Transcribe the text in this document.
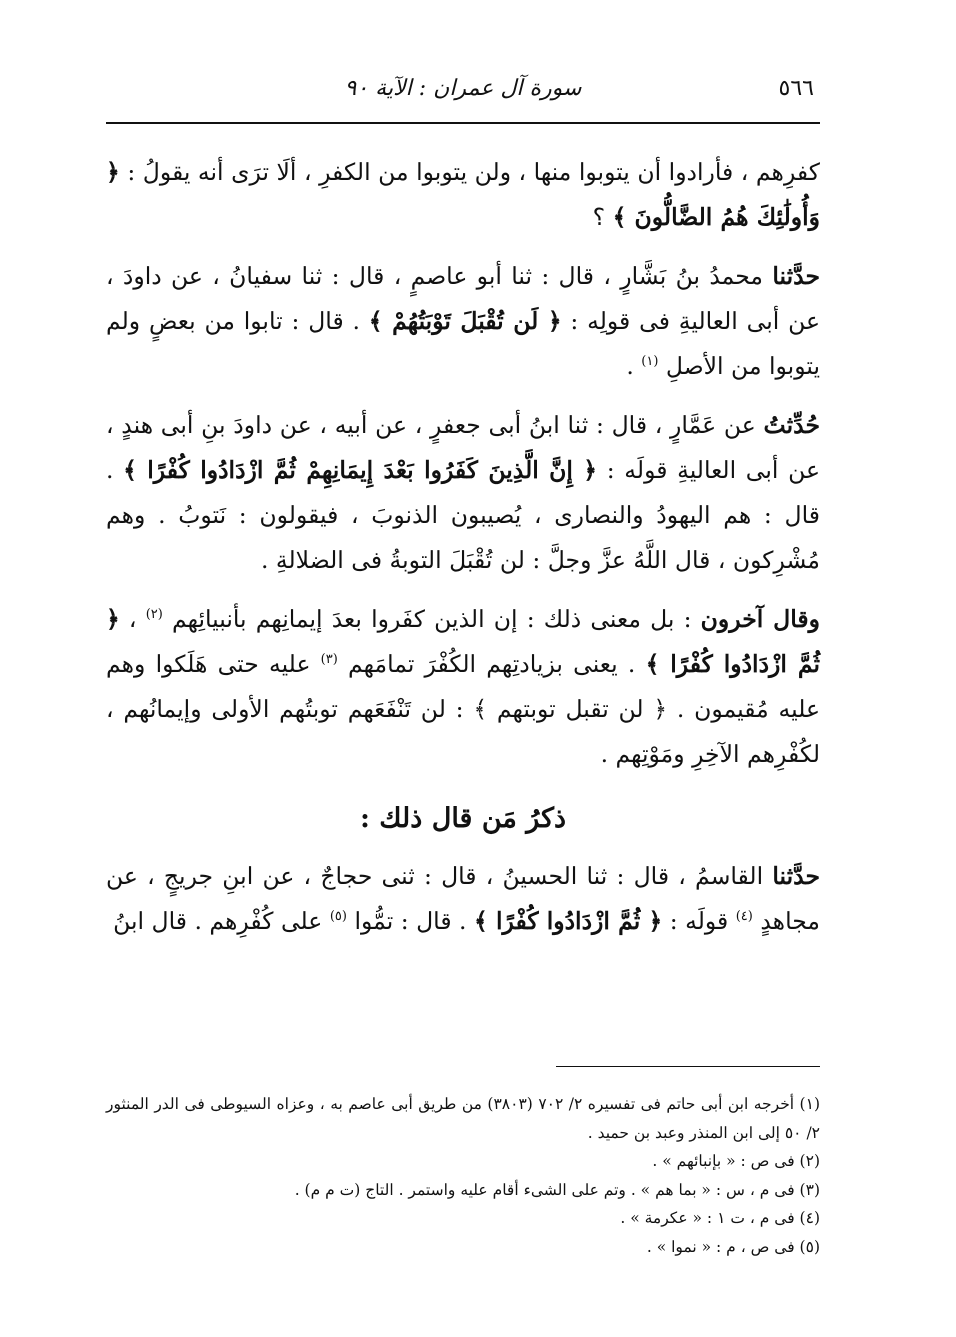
٥٦٦
سورة آل عمران : الآية ٩٠

كفرِهم ، فأرادوا أن يتوبوا منها ، ولن يتوبوا من الكفرِ ، ألَا ترَى أنه يقولُ : ﴿ وَأُولَٰئِكَ هُمُ الضَّالُّونَ ﴾ ؟

حدَّثنا محمدُ بنُ بَشَّارٍ ، قال : ثنا أبو عاصمٍ ، قال : ثنا سفيانُ ، عن داودَ ، عن أبى العاليةِ فى قولِه : ﴿ لَن تُقْبَلَ تَوْبَتُهُمْ ﴾ . قال : تابوا من بعضٍ ولم يتوبوا من الأصلِ $^{(١)}$ .

حُدِّثتُ عن عَمَّارٍ ، قال : ثنا ابنُ أبى جعفرٍ ، عن أبيه ، عن داودَ بنِ أبى هندٍ ، عن أبى العاليةِ قولَه : ﴿ إِنَّ الَّذِينَ كَفَرُوا بَعْدَ إِيمَانِهِمْ ثُمَّ ازْدَادُوا كُفْرًا ﴾ . قال : هم اليهودُ والنصارى ، يُصيبون الذنوبَ ، فيقولون : نَتوبُ . وهم مُشْرِكون ، قال اللَّهُ عزَّ وجلَّ : لن تُقْبَلَ التوبةُ فى الضلالةِ .

وقال آخرون : بل معنى ذلك : إن الذين كفَروا بعدَ إيمانِهم بأنبيائِهم $^{(٢)}$ ، ﴿ ثُمَّ ازْدَادُوا كُفْرًا ﴾ . يعنى بزيادتِهم الكُفْرَ تمامَهم $^{(٣)}$ عليه حتى هَلَكوا وهم عليه مُقيمون . ﴿ لن تقبل توبتهم ﴾ : لن تَنْفَعَهم توبتُهم الأولى وإيمانُهم ، لكُفْرِهم الآخِرِ ومَوْتِهم .

ذكرُ مَن قال ذلك :

حدَّثنا القاسمُ ، قال : ثنا الحسينُ ، قال : ثنى حجاجٌ ، عن ابنِ جريجٍ ، عن مجاهدٍ $^{(٤)}$ قولَه : ﴿ ثُمَّ ازْدَادُوا كُفْرًا ﴾ . قال : تمُّوا $^{(٥)}$ على كُفْرِهم . قال ابنُ

(١) أخرجه ابن أبى حاتم فى تفسيره ٢/ ٧٠٢ (٣٨٠٣) من طريق أبى عاصم به ، وعزاه السيوطى فى الدر المنثور ٢/ ٥٠ إلى ابن المنذر وعبد بن حميد .

(٢) فى ص : « بإنبائهم » .

(٣) فى م ، س : « بما هم » . وتم على الشىء أقام عليه واستمر . التاج (ت م م) .

(٤) فى م ، ت ١ : « عكرمة » .

(٥) فى ص ، م : « نموا » .
